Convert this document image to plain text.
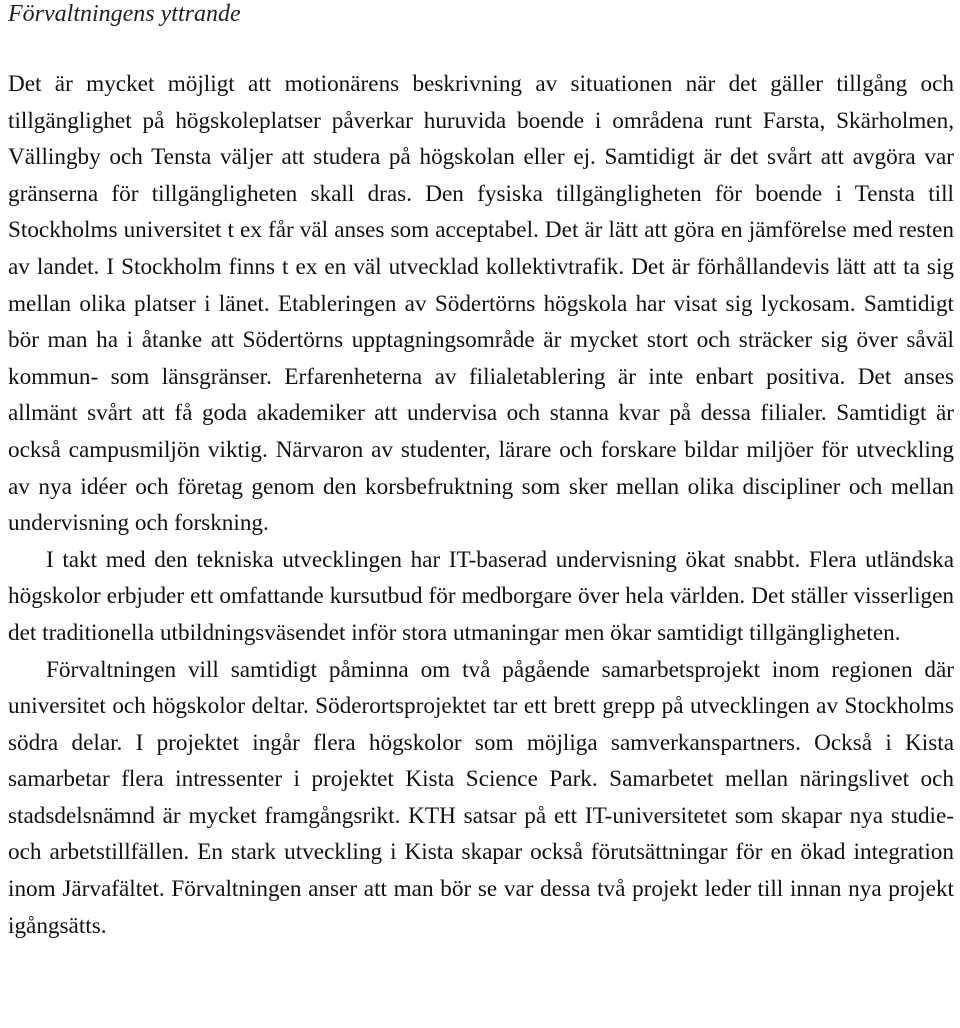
Förvaltningens yttrande

Det är mycket möjligt att motionärens beskrivning av situationen när det gäller tillgång och tillgänglighet på högskoleplatser påverkar huruvida boende i områdena runt Farsta, Skärholmen, Vällingby och Tensta väljer att studera på högskolan eller ej. Samtidigt är det svårt att avgöra var gränserna för tillgängligheten skall dras. Den fysiska tillgängligheten för boende i Tensta till Stockholms universitet t ex får väl anses som acceptabel. Det är lätt att göra en jämförelse med resten av landet. I Stockholm finns t ex en väl utvecklad kollektivtrafik. Det är förhållandevis lätt att ta sig mellan olika platser i länet. Etableringen av Södertörns högskola har visat sig lyckosam. Samtidigt bör man ha i åtanke att Södertörns upptagningsområde är mycket stort och sträcker sig över såväl kommun- som länsgränser. Erfarenheterna av filialetablering är inte enbart positiva. Det anses allmänt svårt att få goda akademiker att undervisa och stanna kvar på dessa filialer. Samtidigt är också campusmiljön viktig. Närvaron av studenter, lärare och forskare bildar miljöer för utveckling av nya idéer och företag genom den korsbefruktning som sker mellan olika discipliner och mellan undervisning och forskning.

I takt med den tekniska utvecklingen har IT-baserad undervisning ökat snabbt. Flera utländska högskolor erbjuder ett omfattande kursutbud för medborgare över hela världen. Det ställer visserligen det traditionella utbildningsväsendet inför stora utmaningar men ökar samtidigt tillgängligheten.

Förvaltningen vill samtidigt påminna om två pågående samarbetsprojekt inom regionen där universitet och högskolor deltar. Söderortsprojektet tar ett brett grepp på utvecklingen av Stockholms södra delar. I projektet ingår flera högskolor som möjliga samverkanspartners. Också i Kista samarbetar flera intressenter i projektet Kista Science Park. Samarbetet mellan näringslivet och stadsdelsnämnd är mycket framgångsrikt. KTH satsar på ett IT-universitetet som skapar nya studie- och arbetstillfällen. En stark utveckling i Kista skapar också förutsättningar för en ökad integration inom Järvafältet. Förvaltningen anser att man bör se var dessa två projekt leder till innan nya projekt igångsätts.
